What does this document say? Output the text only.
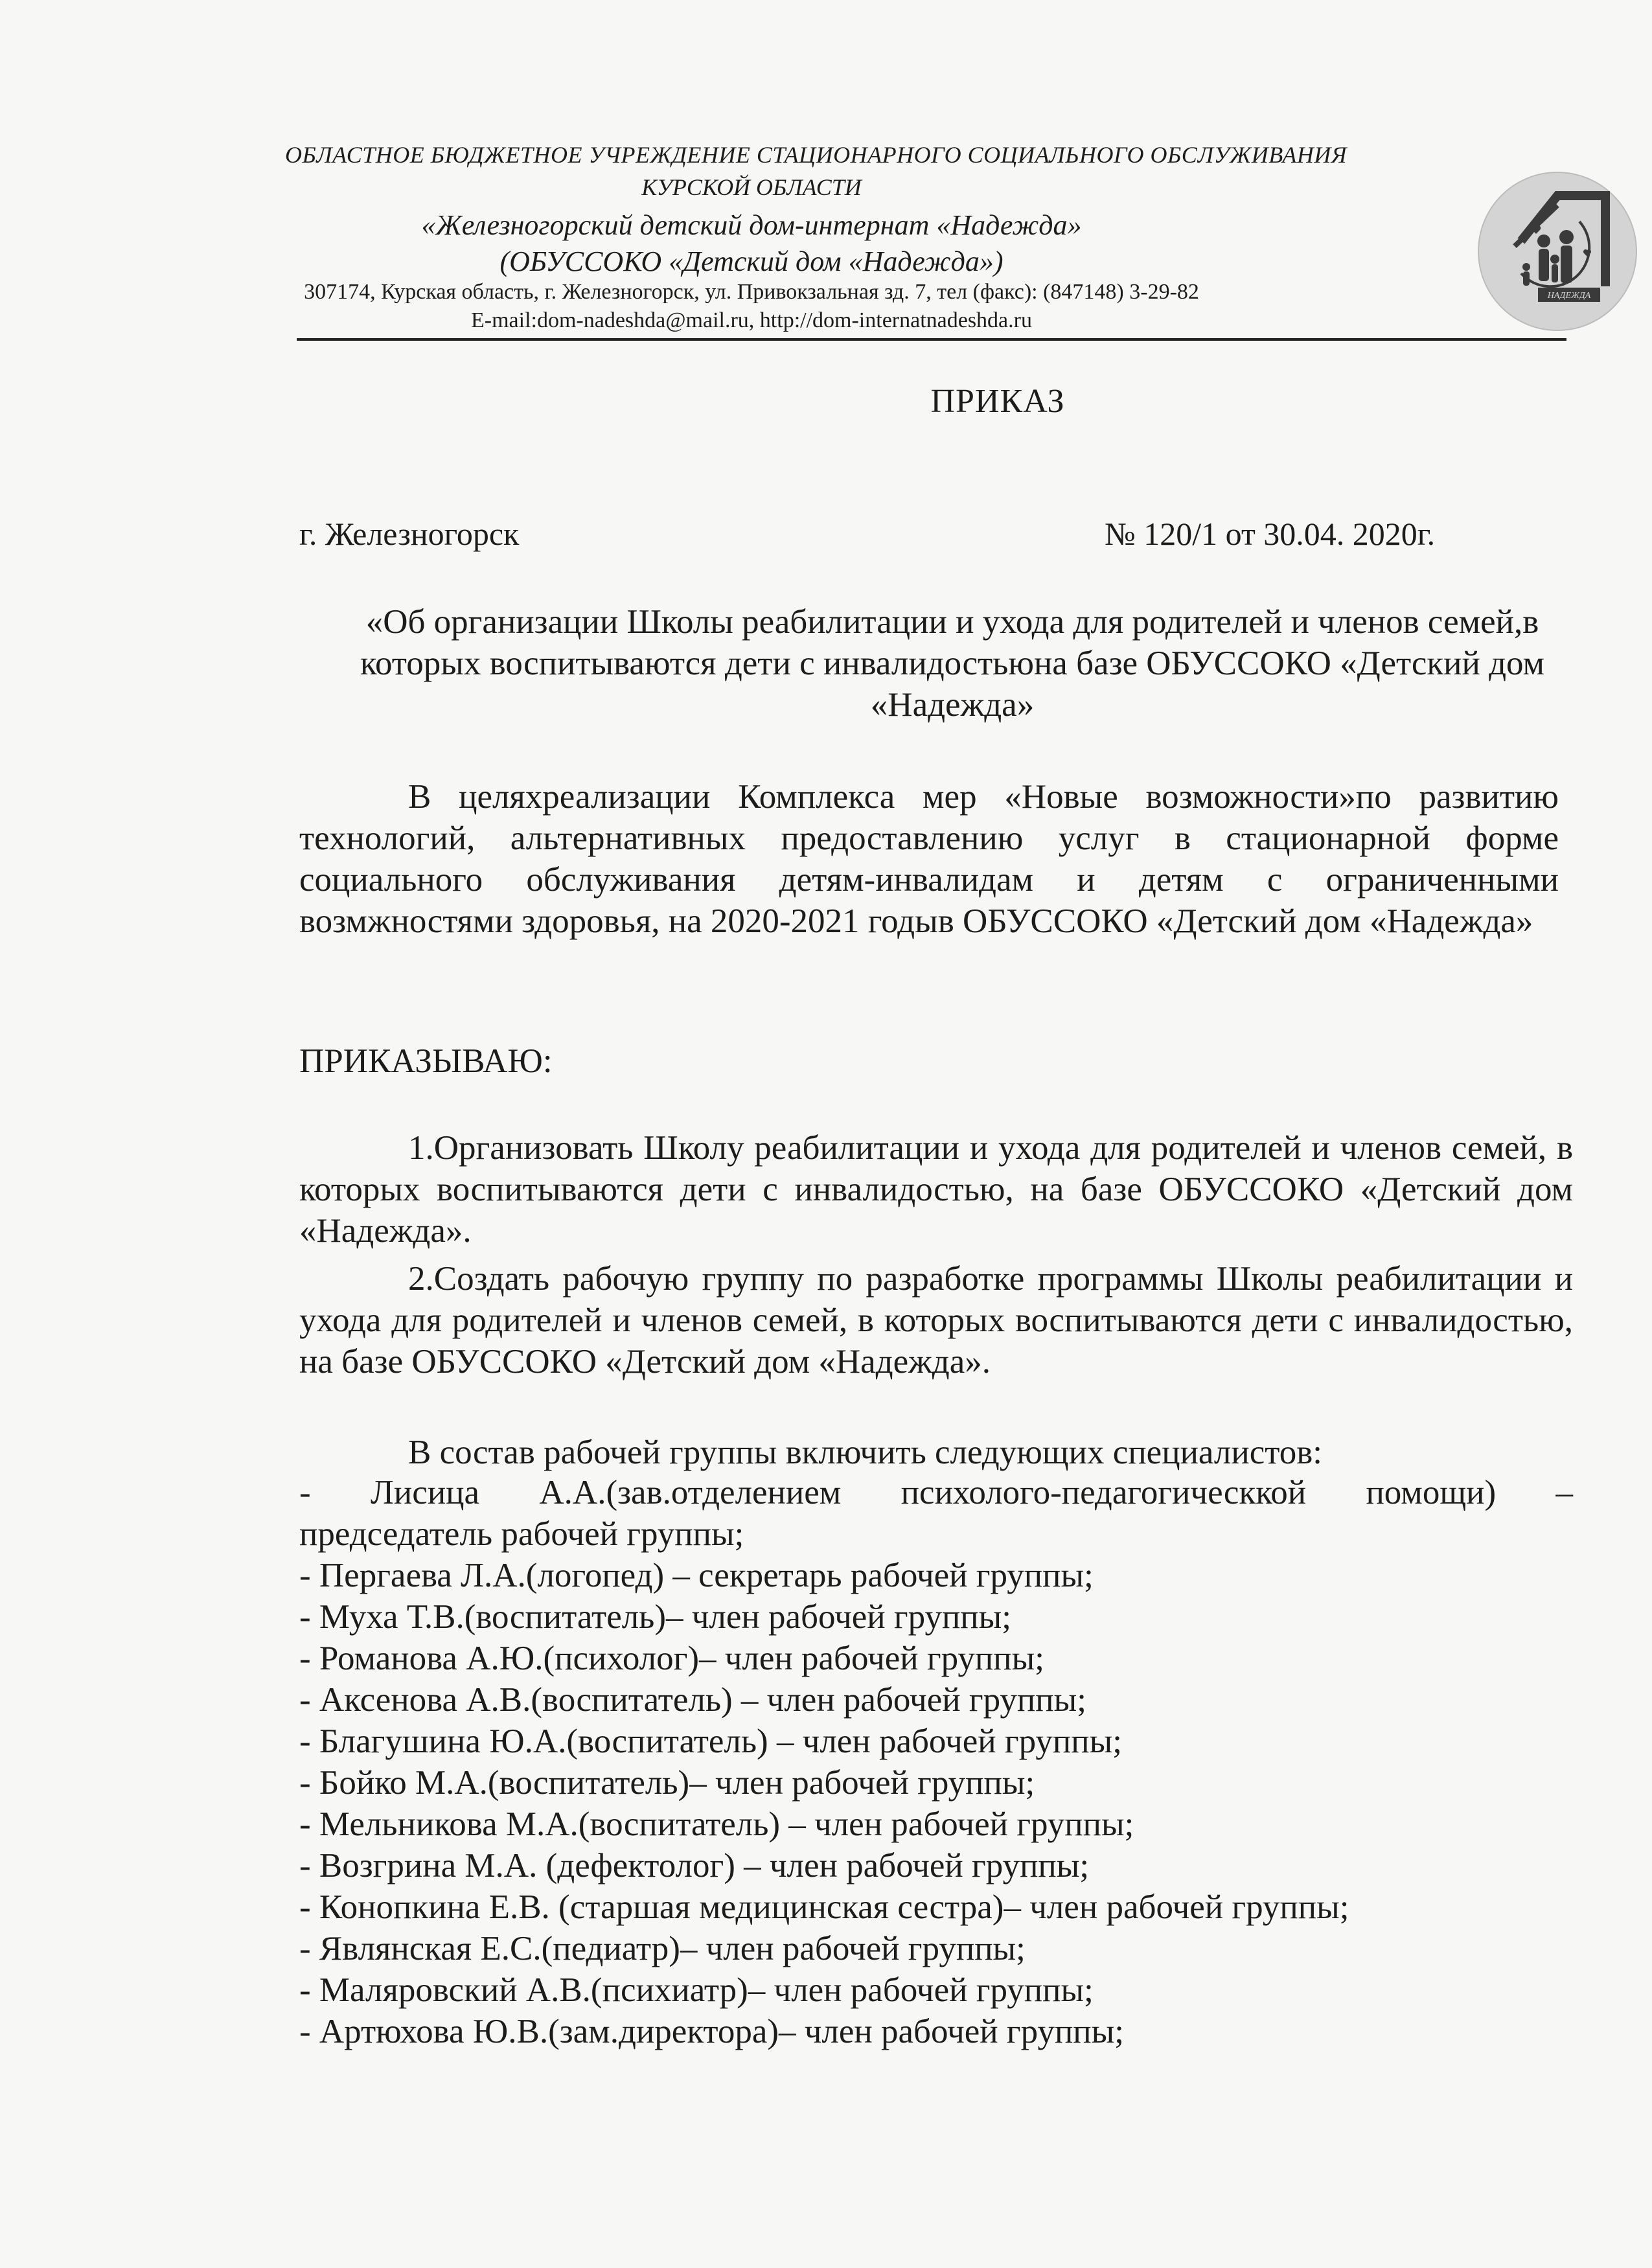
ОБЛАСТНОЕ БЮДЖЕТНОЕ УЧРЕЖДЕНИЕ СТАЦИОНАРНОГО СОЦИАЛЬНОГО ОБСЛУЖИВАНИЯ
КУРСКОЙ ОБЛАСТИ
«Железногорский детский дом-интернат «Надежда»
(ОБУССОКО «Детский дом «Надежда»)
307174, Курская область, г. Железногорск, ул. Привокзальная зд. 7, тел (факс): (847148) 3-29-82
E-mail:dom-nadeshda@mail.ru, http://dom-internatnadeshda.ru
НАДЕЖДА
ПРИКАЗ
г. Железногорск	№ 120/1 от 30.04. 2020г.
«Об организации Школы реабилитации и ухода для родителей и членов семей,в которых воспитываются дети с инвалидостьюна базе ОБУССОКО «Детский дом «Надежда»
В целяхреализации Комплекса мер «Новые возможности»по развитию технологий, альтернативных предоставлению услуг в стационарной форме социального обслуживания детям-инвалидам и детям с ограниченными возмжностями здоровья, на 2020-2021 годыв ОБУССОКО «Детский дом «Надежда»
ПРИКАЗЫВАЮ:
1.Организовать Школу реабилитации и ухода для родителей и членов семей, в которых воспитываются дети с инвалидостью, на базе ОБУССОКО «Детский дом «Надежда».
2.Создать рабочую группу по разработке программы Школы реабилитации и ухода для родителей и членов семей, в которых воспитываются дети с инвалидостью, на базе ОБУССОКО «Детский дом «Надежда».
В состав рабочей группы включить следующих специалистов:
- Лисица А.А.(зав.отделением психолого-педагогическкой помощи) –
председатель рабочей группы;
- Пергаева Л.А.(логопед) – секретарь рабочей группы;
- Муха Т.В.(воспитатель)– член рабочей группы;
- Романова А.Ю.(психолог)– член рабочей группы;
- Аксенова А.В.(воспитатель) – член рабочей группы;
- Благушина Ю.А.(воспитатель) – член рабочей группы;
- Бойко М.А.(воспитатель)– член рабочей группы;
- Мельникова М.А.(воспитатель) – член рабочей группы;
- Возгрина М.А. (дефектолог) – член рабочей группы;
- Конопкина Е.В. (старшая медицинская сестра)– член рабочей группы;
- Являнская Е.С.(педиатр)– член рабочей группы;
- Маляровский А.В.(психиатр)– член рабочей группы;
- Артюхова Ю.В.(зам.директора)– член рабочей группы;
